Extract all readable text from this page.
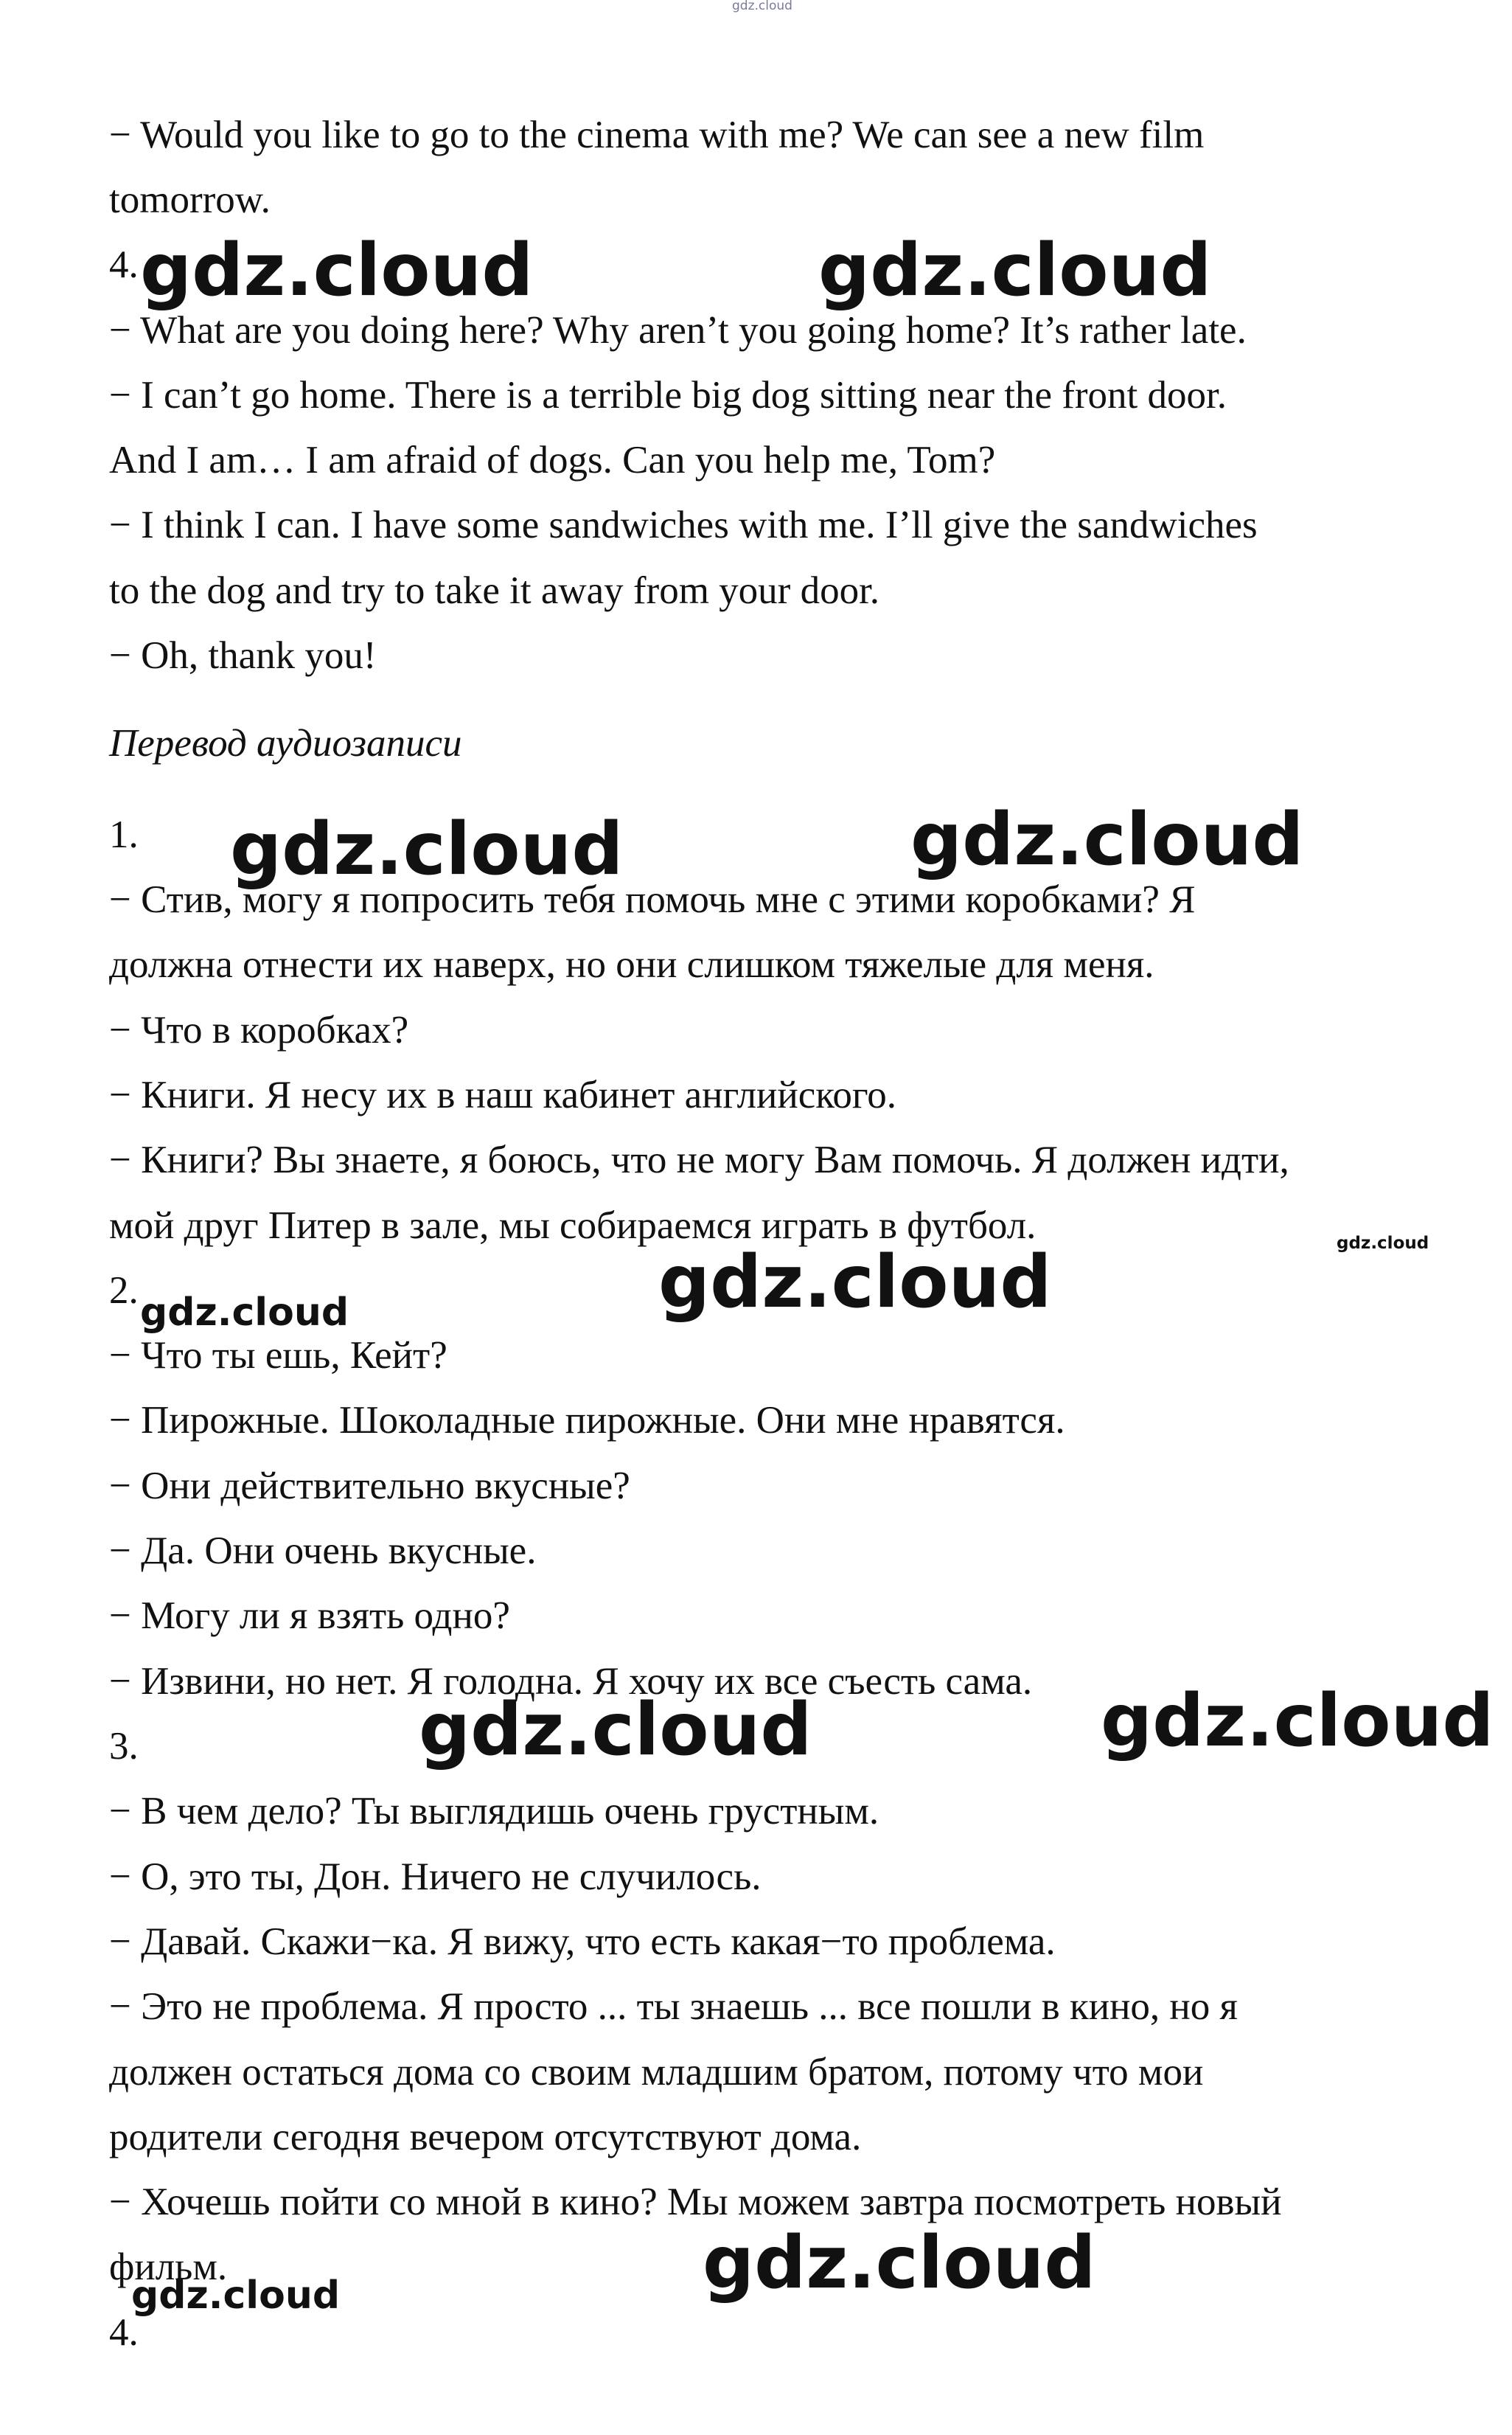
gdz.cloud
− Would you like to go to the cinema with me? We can see a new film
tomorrow.
4.
− What are you doing here? Why aren’t you going home? It’s rather late.
− I can’t go home. There is a terrible big dog sitting near the front door.
And I am… I am afraid of dogs. Can you help me, Tom?
− I think I can. I have some sandwiches with me. I’ll give the sandwiches
to the dog and try to take it away from your door.
− Oh, thank you!
Перевод аудиозаписи
1.
− Стив, могу я попросить тебя помочь мне с этими коробками? Я
должна отнести их наверх, но они слишком тяжелые для меня.
− Что в коробках?
− Книги. Я несу их в наш кабинет английского.
− Книги? Вы знаете, я боюсь, что не могу Вам помочь. Я должен идти,
мой друг Питер в зале, мы собираемся играть в футбол.
2.
− Что ты ешь, Кейт?
− Пирожные. Шоколадные пирожные. Они мне нравятся.
− Они действительно вкусные?
− Да. Они очень вкусные.
− Могу ли я взять одно?
− Извини, но нет. Я голодна. Я хочу их все съесть сама.
3.
− В чем дело? Ты выглядишь очень грустным.
− О, это ты, Дон. Ничего не случилось.
− Давай. Скажи−ка. Я вижу, что есть какая−то проблема.
− Это не проблема. Я просто ... ты знаешь ... все пошли в кино, но я
должен остаться дома со своим младшим братом, потому что мои
родители сегодня вечером отсутствуют дома.
− Хочешь пойти со мной в кино? Мы можем завтра посмотреть новый
фильм.
4.
gdz.cloud	gdz.cloud
gdz.cloud	gdz.cloud
gdz.cloud
gdz.cloud	gdz.cloud
gdz.cloud	gdz.cloud
gdz.cloud
gdz.cloud
